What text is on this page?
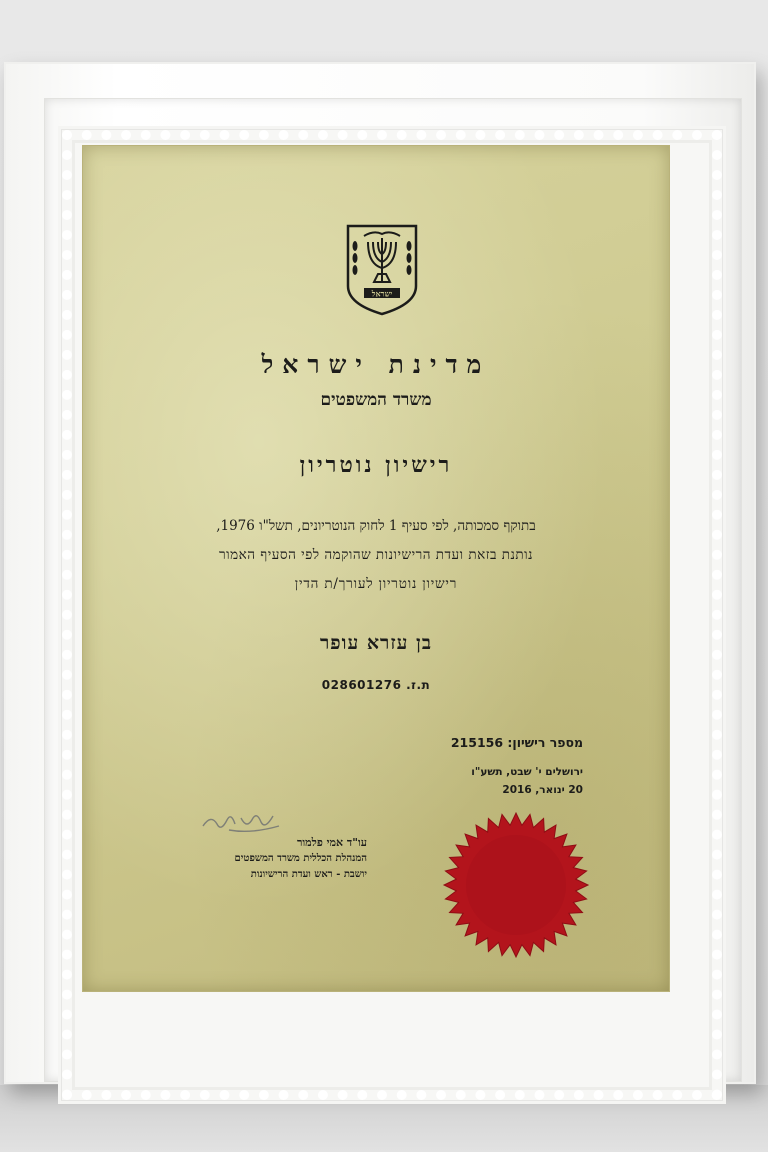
ישראל
מדינת ישראל
משרד המשפטים
רישיון נוטריון
בתוקף סמכותה, לפי סעיף 1 לחוק הנוטריונים, תשל"ו 1976,
נותנת בזאת ועדת הרישיונות שהוקמה לפי הסעיף האמור
רישיון נוטריון לעורך/ת הדין
בן עזרא עופר
ת.ז. 028601276
מספר רישיון: 215156
ירושלים י' שבט, תשע"ו
20 ינואר, 2016
עו"ד אמי פלמור
המנהלת הכללית משרד המשפטים
יושבת - ראש ועדת הרישיונות
